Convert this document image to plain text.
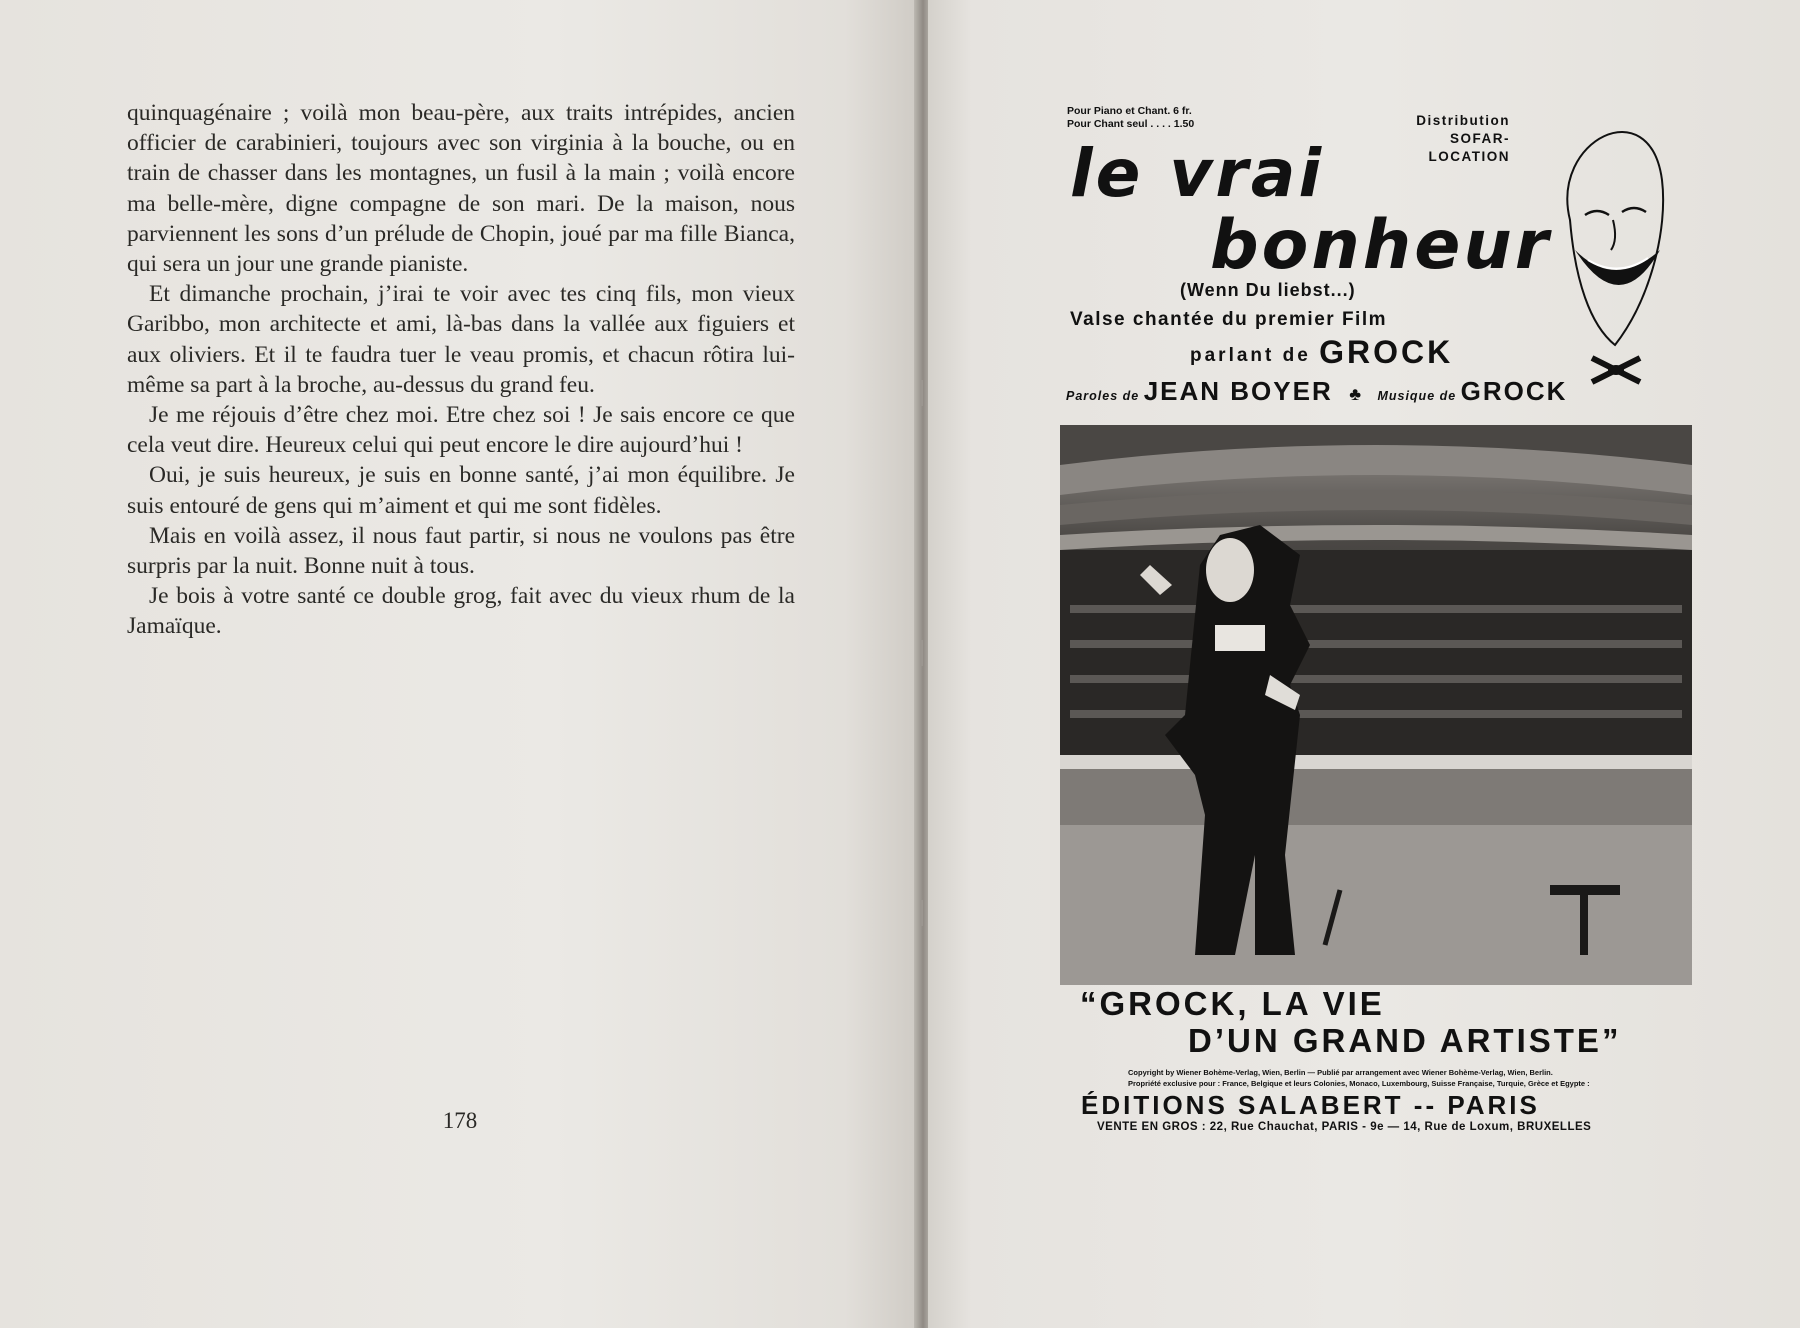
quinquagénaire ; voilà mon beau-père, aux traits intrépides, ancien officier de carabinieri, toujours avec son virginia à la bouche, ou en train de chasser dans les montagnes, un fusil à la main ; voilà encore ma belle-mère, digne compagne de son mari. De la maison, nous parviennent les sons d’un prélude de Chopin, joué par ma fille Bianca, qui sera un jour une grande pianiste.

Et dimanche prochain, j’irai te voir avec tes cinq fils, mon vieux Garibbo, mon architecte et ami, là-bas dans la vallée aux figuiers et aux oliviers. Et il te faudra tuer le veau promis, et chacun rôtira lui-même sa part à la broche, au-dessus du grand feu.

Je me réjouis d’être chez moi. Etre chez soi ! Je sais encore ce que cela veut dire. Heureux celui qui peut encore le dire aujourd’hui !

Oui, je suis heureux, je suis en bonne santé, j’ai mon équilibre. Je suis entouré de gens qui m’aiment et qui me sont fidèles.

Mais en voilà assez, il nous faut partir, si nous ne voulons pas être surpris par la nuit. Bonne nuit à tous.

Je bois à votre santé ce double grog, fait avec du vieux rhum de la Jamaïque.

178
Pour Piano et Chant. 6 fr.
Pour Chant seul . . . . 1.50	Distribution
SOFAR-
LOCATION
le vrai
bonheur
(Wenn Du liebst...)
Valse chantée du premier Film
parlant de GROCK
Paroles de JEAN BOYER ♣ Musique de GROCK
“GROCK, LA VIE
D’UN GRAND ARTISTE”
Copyright by Wiener Bohème-Verlag, Wien, Berlin — Publié par arrangement avec Wiener Bohème-Verlag, Wien, Berlin.
Propriété exclusive pour : France, Belgique et leurs Colonies, Monaco, Luxembourg, Suisse Française, Turquie, Grèce et Egypte :
ÉDITIONS SALABERT -- PARIS
VENTE EN GROS : 22, Rue Chauchat, PARIS - 9e — 14, Rue de Loxum, BRUXELLES
